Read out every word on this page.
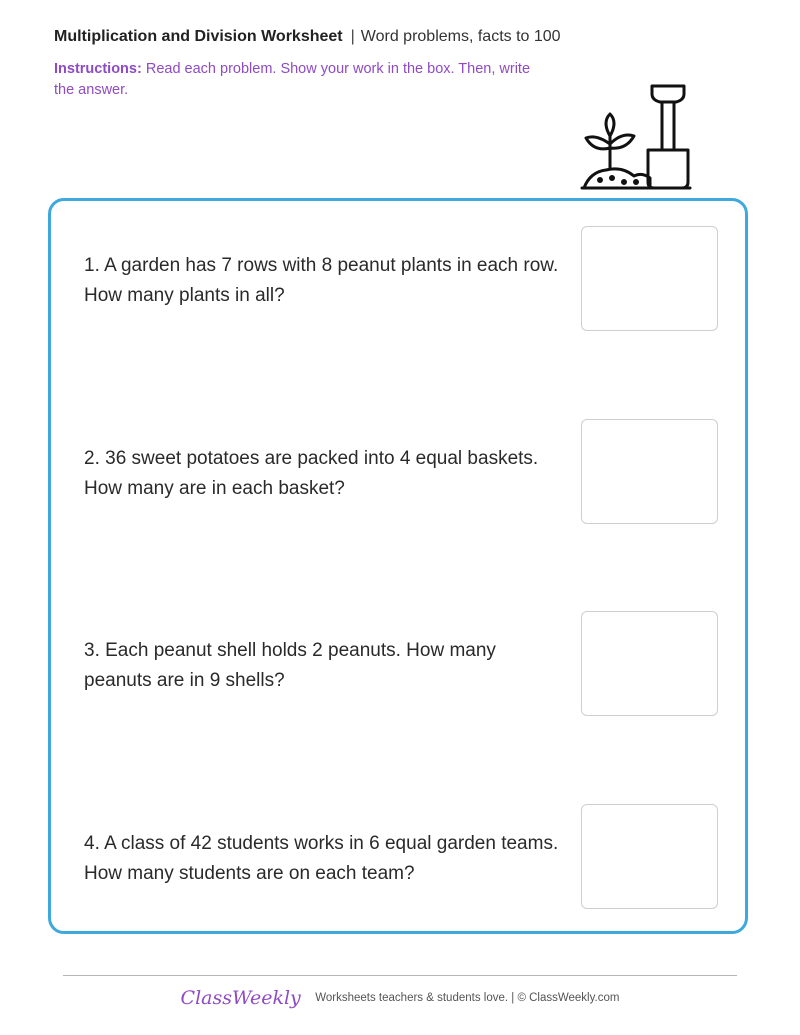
Multiplication and Division Worksheet | Word problems, facts to 100
Instructions: Read each problem. Show your work in the box. Then, write the answer.
1. A garden has 7 rows with 8 peanut plants in each row. How many plants in all?
2. 36 sweet potatoes are packed into 4 equal baskets. How many are in each basket?
3. Each peanut shell holds 2 peanuts. How many peanuts are in 9 shells?
4. A class of 42 students works in 6 equal garden teams. How many students are on each team?
ClassWeekly Worksheets teachers & students love. | © ClassWeekly.com
